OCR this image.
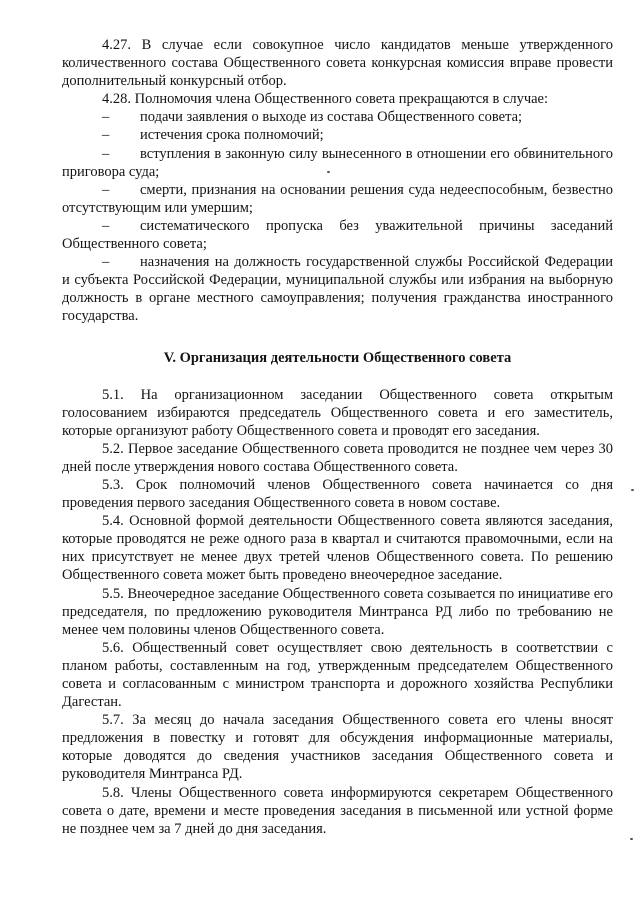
4.27. В случае если совокупное число кандидатов меньше утвержденного количественного состава Общественного совета конкурсная комиссия вправе провести дополнительный конкурсный отбор.

4.28. Полномочия члена Общественного совета прекращаются в случае:

– подачи заявления о выходе из состава Общественного совета;

– истечения срока полномочий;

– вступления в законную силу вынесенного в отношении его обвинительного приговора суда;

– смерти, признания на основании решения суда недееспособным, безвестно отсутствующим или умершим;

– систематического пропуска без уважительной причины заседаний Общественного совета;

– назначения на должность государственной службы Российской Федерации и субъекта Российской Федерации, муниципальной службы или избрания на выборную должность в органе местного самоуправления; получения гражданства иностранного государства.

V. Организация деятельности Общественного совета

5.1. На организационном заседании Общественного совета открытым голосованием избираются председатель Общественного совета и его заместитель, которые организуют работу Общественного совета и проводят его заседания.

5.2. Первое заседание Общественного совета проводится не позднее чем через 30 дней после утверждения нового состава Общественного совета.

5.3. Срок полномочий членов Общественного совета начинается со дня проведения первого заседания Общественного совета в новом составе.

5.4. Основной формой деятельности Общественного совета являются заседания, которые проводятся не реже одного раза в квартал и считаются правомочными, если на них присутствует не менее двух третей членов Общественного совета. По решению Общественного совета может быть проведено внеочередное заседание.

5.5. Внеочередное заседание Общественного совета созывается по инициативе его председателя, по предложению руководителя Минтранса РД либо по требованию не менее чем половины членов Общественного совета.

5.6. Общественный совет осуществляет свою деятельность в соответствии с планом работы, составленным на год, утвержденным председателем Общественного совета и согласованным с министром транспорта и дорожного хозяйства Республики Дагестан.

5.7. За месяц до начала заседания Общественного совета его члены вносят предложения в повестку и готовят для обсуждения информационные материалы, которые доводятся до сведения участников заседания Общественного совета и руководителя Минтранса РД.

5.8. Члены Общественного совета информируются секретарем Общественного совета о дате, времени и месте проведения заседания в письменной или устной форме не позднее чем за 7 дней до дня заседания.
